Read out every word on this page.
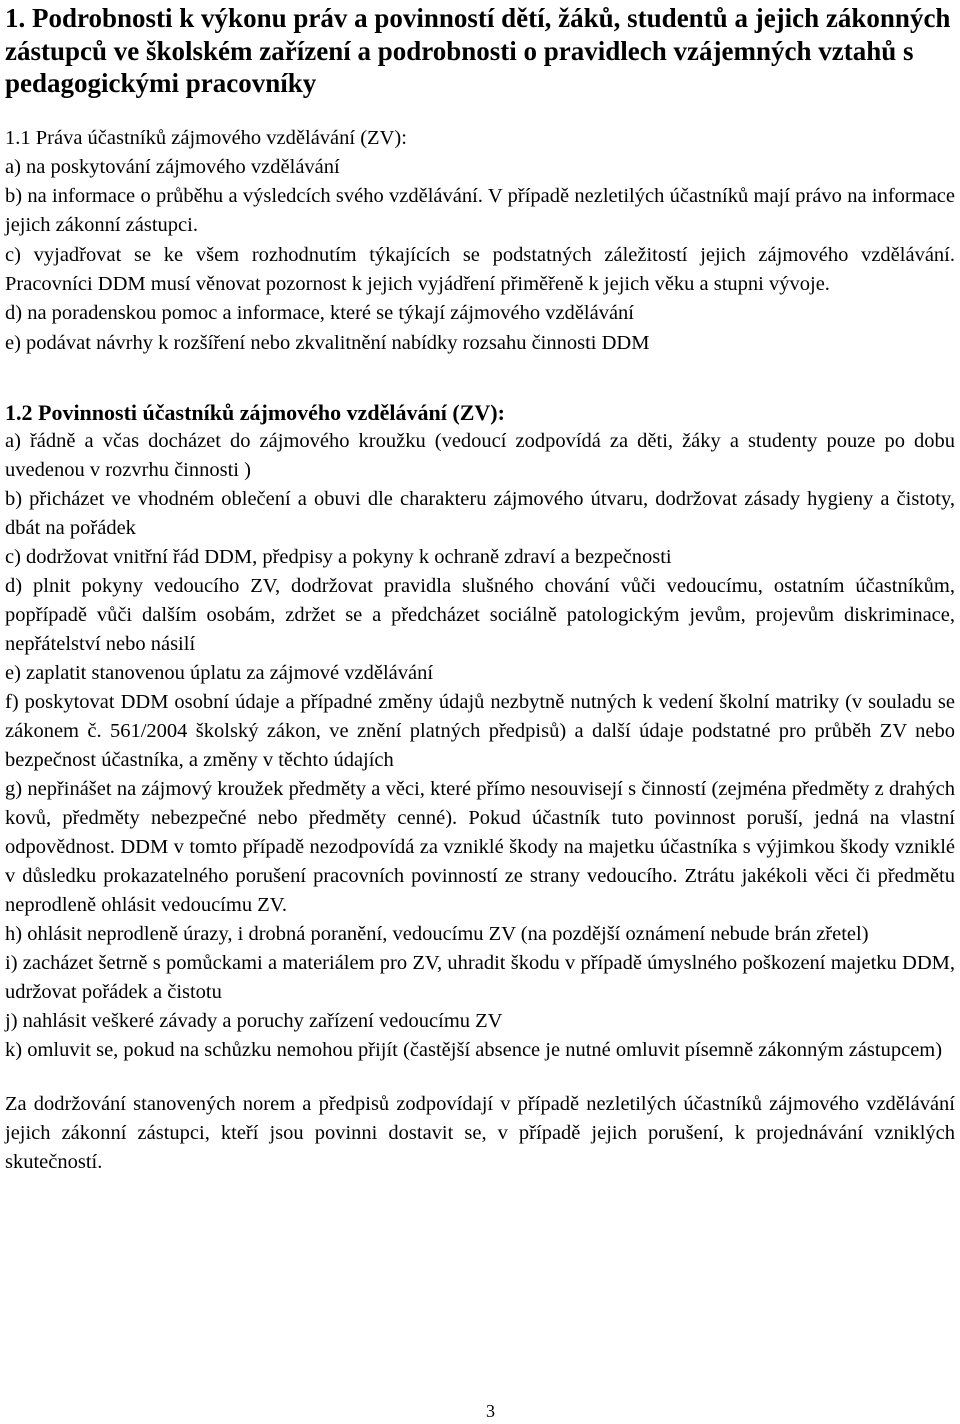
1. Podrobnosti k výkonu práv a povinností dětí, žáků, studentů a jejich zákonných zástupců ve školském zařízení a podrobnosti o pravidlech vzájemných vztahů s pedagogickými pracovníky

1.1 Práva účastníků zájmového vzdělávání (ZV):

a) na poskytování zájmového vzdělávání

b) na informace o průběhu a výsledcích svého vzdělávání. V případě nezletilých účastníků mají právo na informace jejich zákonní zástupci.

c) vyjadřovat se ke všem rozhodnutím týkajících se podstatných záležitostí jejich zájmového vzdělávání. Pracovníci DDM musí věnovat pozornost k jejich vyjádření přiměřeně k jejich věku a stupni vývoje.

d) na poradenskou pomoc a informace, které se týkají zájmového vzdělávání

e) podávat návrhy k rozšíření nebo zkvalitnění nabídky rozsahu činnosti DDM

1.2 Povinnosti účastníků zájmového vzdělávání (ZV):

a) řádně a včas docházet do zájmového kroužku (vedoucí zodpovídá za děti, žáky a studenty pouze po dobu uvedenou v rozvrhu činnosti )

b) přicházet ve vhodném oblečení a obuvi dle charakteru zájmového útvaru, dodržovat zásady hygieny a čistoty, dbát na pořádek

c) dodržovat vnitřní řád DDM, předpisy a pokyny k ochraně zdraví a bezpečnosti

d) plnit pokyny vedoucího ZV, dodržovat pravidla slušného chování vůči vedoucímu, ostatním účastníkům, popřípadě vůči dalším osobám, zdržet se a předcházet sociálně patologickým jevům, projevům diskriminace, nepřátelství nebo násilí

e) zaplatit stanovenou úplatu za zájmové vzdělávání

f) poskytovat DDM osobní údaje a případné změny údajů nezbytně nutných k vedení školní matriky (v souladu se zákonem č. 561/2004 školský zákon, ve znění platných předpisů) a další údaje podstatné pro průběh ZV nebo bezpečnost účastníka, a změny v těchto údajích

g) nepřinášet na zájmový kroužek předměty a věci, které přímo nesouvisejí s činností (zejména předměty z drahých kovů, předměty nebezpečné nebo předměty cenné). Pokud účastník tuto povinnost poruší, jedná na vlastní odpovědnost. DDM v tomto případě nezodpovídá za vzniklé škody na majetku účastníka s výjimkou škody vzniklé v důsledku prokazatelného porušení pracovních povinností ze strany vedoucího. Ztrátu jakékoli věci či předmětu neprodleně ohlásit vedoucímu ZV.

h) ohlásit neprodleně úrazy, i drobná poranění, vedoucímu ZV (na pozdější oznámení nebude brán zřetel)

i) zacházet šetrně s pomůckami a materiálem pro ZV, uhradit škodu v případě úmyslného poškození majetku DDM, udržovat pořádek a čistotu

j) nahlásit veškeré závady a poruchy zařízení vedoucímu ZV

k) omluvit se, pokud na schůzku nemohou přijít (častější absence je nutné omluvit písemně zákonným zástupcem)

Za dodržování stanovených norem a předpisů zodpovídají v případě nezletilých účastníků zájmového vzdělávání jejich zákonní zástupci, kteří jsou povinni dostavit se, v případě jejich porušení, k projednávání vzniklých skutečností.

3
